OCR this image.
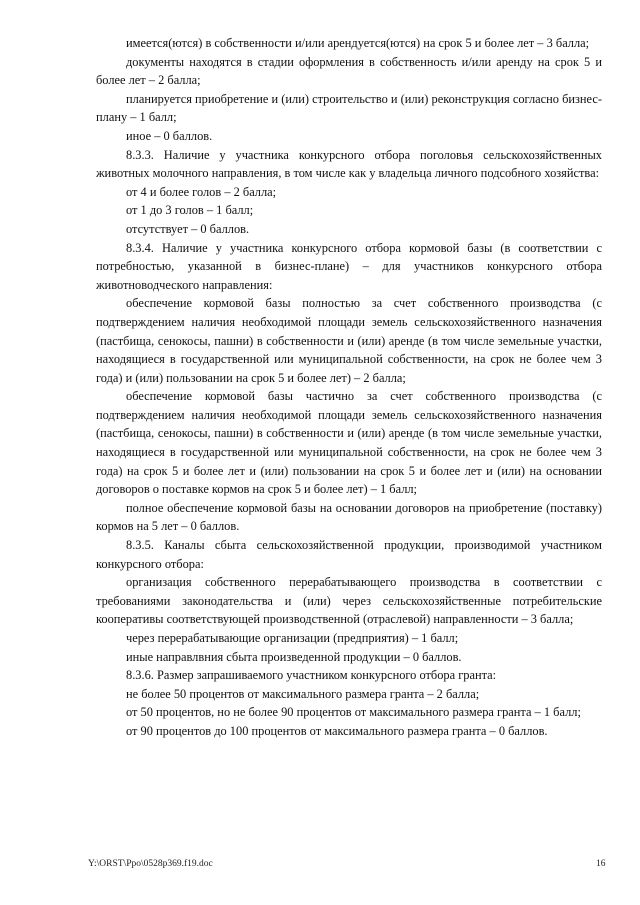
имеется(ются) в собственности и/или арендуется(ются) на срок 5 и более лет – 3 балла;

документы находятся в стадии оформления в собственность и/или аренду на срок 5 и более лет – 2 балла;

планируется приобретение и (или) строительство и (или) реконструкция согласно бизнес-плану – 1 балл;

иное – 0 баллов.

8.3.3. Наличие у участника конкурсного отбора поголовья сельскохозяйственных животных молочного направления, в том числе как у владельца личного подсобного хозяйства:

от 4 и более голов – 2 балла;

от 1 до 3 голов – 1 балл;

отсутствует – 0 баллов.

8.3.4. Наличие у участника конкурсного отбора кормовой базы (в соответствии с потребностью, указанной в бизнес-плане) – для участников конкурсного отбора животноводческого направления:

обеспечение кормовой базы полностью за счет собственного производства (с подтверждением наличия необходимой площади земель сельскохозяйственного назначения (пастбища, сенокосы, пашни) в собственности и (или) аренде (в том числе земельные участки, находящиеся в государственной или муниципальной собственности, на срок не более чем 3 года) и (или) пользовании на срок 5 и более лет) – 2 балла;

обеспечение кормовой базы частично за счет собственного производства (с подтверждением наличия необходимой площади земель сельскохозяйственного назначения (пастбища, сенокосы, пашни) в собственности и (или) аренде (в том числе земельные участки, находящиеся в государственной или муниципальной собственности, на срок не более чем 3 года) на срок 5 и более лет и (или) пользовании на срок 5 и более лет и (или) на основании договоров о поставке кормов на срок 5 и более лет) – 1 балл;

полное обеспечение кормовой базы на основании договоров на приобретение (поставку) кормов на 5 лет – 0 баллов.

8.3.5. Каналы сбыта сельскохозяйственной продукции, производимой участником конкурсного отбора:

организация собственного перерабатывающего производства в соответствии с требованиями законодательства и (или) через сельскохозяйственные потребительские кооперативы соответствующей производственной (отраслевой) направленности – 3 балла;

через перерабатывающие организации (предприятия) – 1 балл;

иные направлвния сбыта произведенной продукции – 0 баллов.

8.3.6. Размер запрашиваемого участником конкурсного отбора гранта:

не более 50 процентов от максимального размера гранта – 2 балла;

от 50 процентов, но не более 90 процентов от максимального размера гранта – 1 балл;

от 90 процентов до 100 процентов от максимального размера гранта – 0 баллов.

Y:\ORST\Ppo\0528p369.f19.doc	16
